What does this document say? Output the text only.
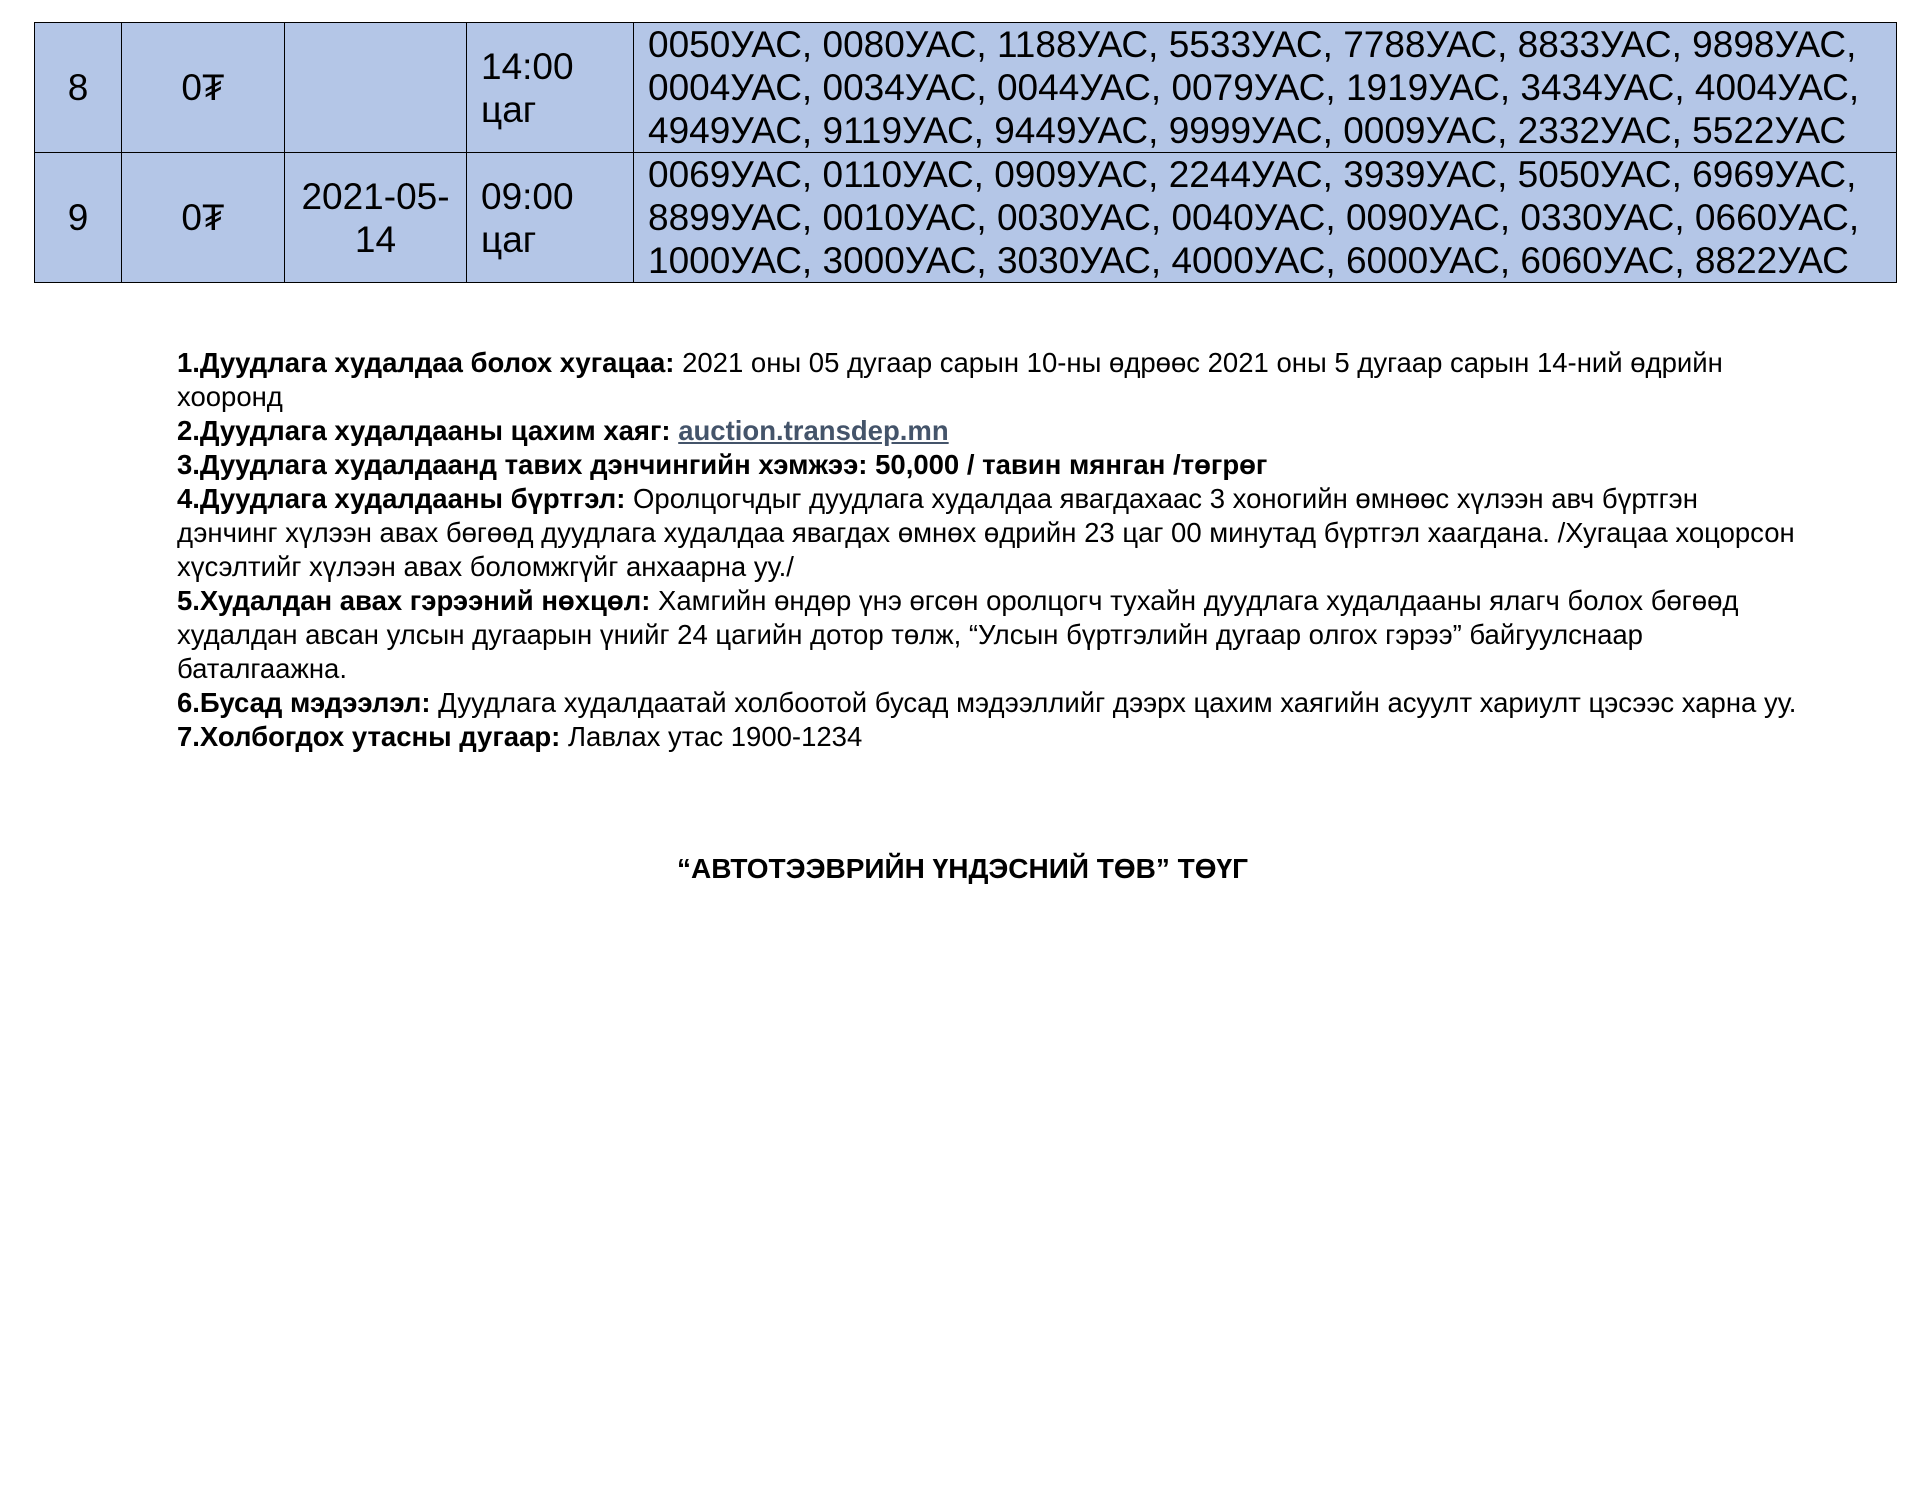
8	0₮		14:00 цаг	0050УАС, 0080УАС, 1188УАС, 5533УАС, 7788УАС, 8833УАС, 9898УАС, 0004УАС, 0034УАС, 0044УАС, 0079УАС, 1919УАС, 3434УАС, 4004УАС, 4949УАС, 9119УАС, 9449УАС, 9999УАС, 0009УАС, 2332УАС, 5522УАС
9	0₮	2021-05-14	09:00 цаг	0069УАС, 0110УАС, 0909УАС, 2244УАС, 3939УАС, 5050УАС, 6969УАС, 8899УАС, 0010УАС, 0030УАС, 0040УАС, 0090УАС, 0330УАС, 0660УАС, 1000УАС, 3000УАС, 3030УАС, 4000УАС, 6000УАС, 6060УАС, 8822УАС

1.Дуудлага худалдаа болох хугацаа: 2021 оны 05 дугаар сарын 10-ны өдрөөс 2021 оны 5 дугаар сарын 14-ний өдрийн хооронд

2.Дуудлага худалдааны цахим хаяг: auction.transdep.mn

3.Дуудлага худалдаанд тавих дэнчингийн хэмжээ: 50,000 / тавин мянган /төгрөг

4.Дуудлага худалдааны бүртгэл: Оролцогчдыг дуудлага худалдаа явагдахаас 3 хоногийн өмнөөс хүлээн авч бүртгэн дэнчинг хүлээн авах бөгөөд дуудлага худалдаа явагдах өмнөх өдрийн 23 цаг 00 минутад бүртгэл хаагдана. /Хугацаа хоцорсон хүсэлтийг хүлээн авах боломжгүйг анхаарна уу./

5.Худалдан авах гэрээний нөхцөл: Хамгийн өндөр үнэ өгсөн оролцогч тухайн дуудлага худалдааны ялагч болох бөгөөд худалдан авсан улсын дугаарын үнийг 24 цагийн дотор төлж, “Улсын бүртгэлийн дугаар олгох гэрээ” байгуулснаар баталгаажна.

6.Бусад мэдээлэл: Дуудлага худалдаатай холбоотой бусад мэдээллийг дээрх цахим хаягийн асуулт хариулт цэсээс харна уу.

7.Холбогдох утасны дугаар: Лавлах утас 1900-1234

“АВТОТЭЭВРИЙН ҮНДЭСНИЙ ТӨВ” ТӨҮГ
